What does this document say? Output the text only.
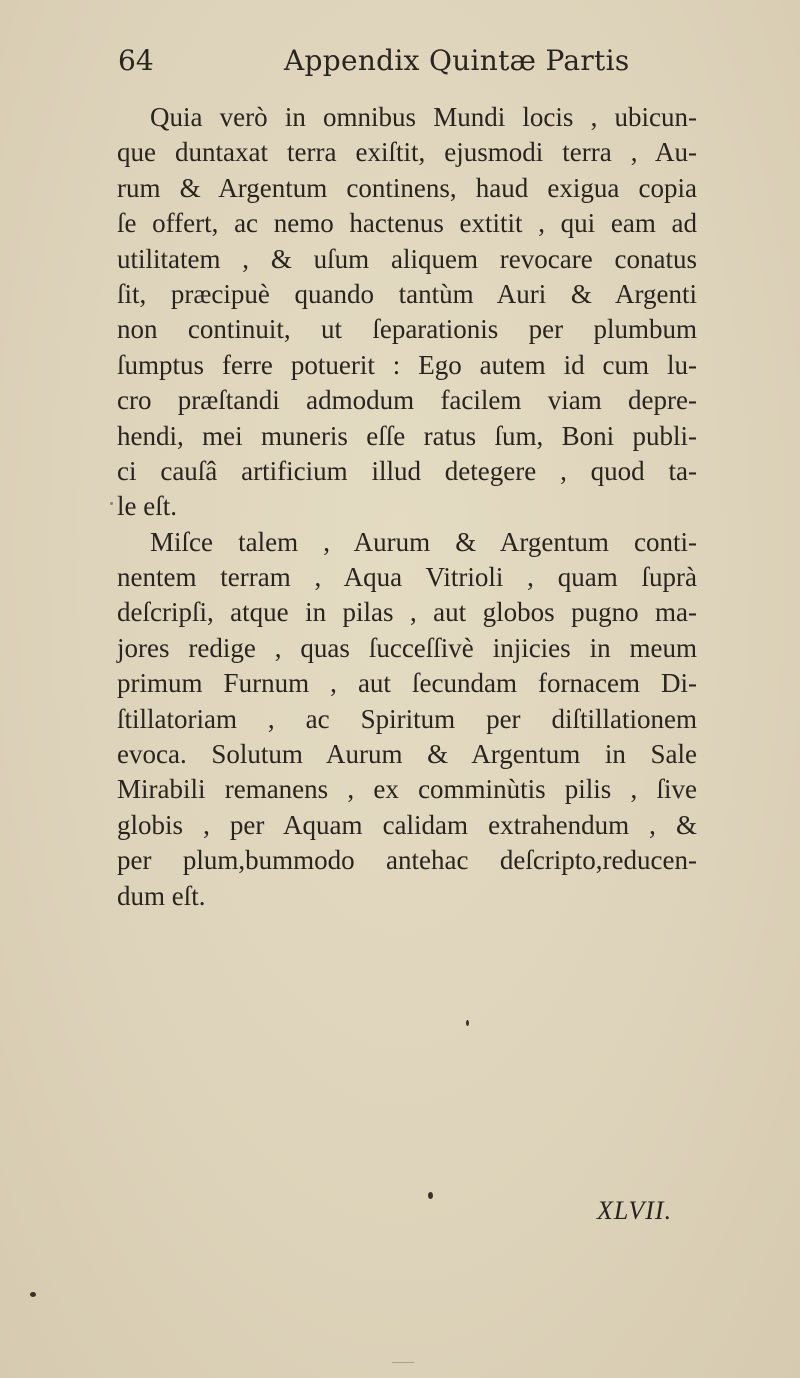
64	Appendix Quintæ Partis
Quia verò in omnibus Mundi locis , ubicun-
que duntaxat terra exiſtit, ejusmodi terra , Au-
rum & Argentum continens, haud exigua copia
ſe offert, ac nemo hactenus extitit , qui eam ad
utilitatem , & uſum aliquem revocare conatus
ſit, præcipuè quando tantùm Auri & Argenti
non continuit, ut ſeparationis per plumbum
ſumptus ferre potuerit : Ego autem id cum lu-
cro præſtandi admodum facilem viam depre-
hendi, mei muneris eſſe ratus ſum, Boni publi-
ci cauſâ artificium illud detegere , quod ta-
le eſt.
Miſce talem , Aurum & Argentum conti-
nentem terram , Aqua Vitrioli , quam ſuprà
deſcripſi, atque in pilas , aut globos pugno ma-
jores redige , quas ſucceſſivè injicies in meum
primum Furnum , aut ſecundam fornacem Di-
ſtillatoriam , ac Spiritum per diſtillationem
evoca. Solutum Aurum & Argentum in Sale
Mirabili remanens , ex comminùtis pilis , ſive
globis , per Aquam calidam extrahendum , &
per plum,bummodo antehac deſcripto,reducen-
dum eſt.
XLVII.
